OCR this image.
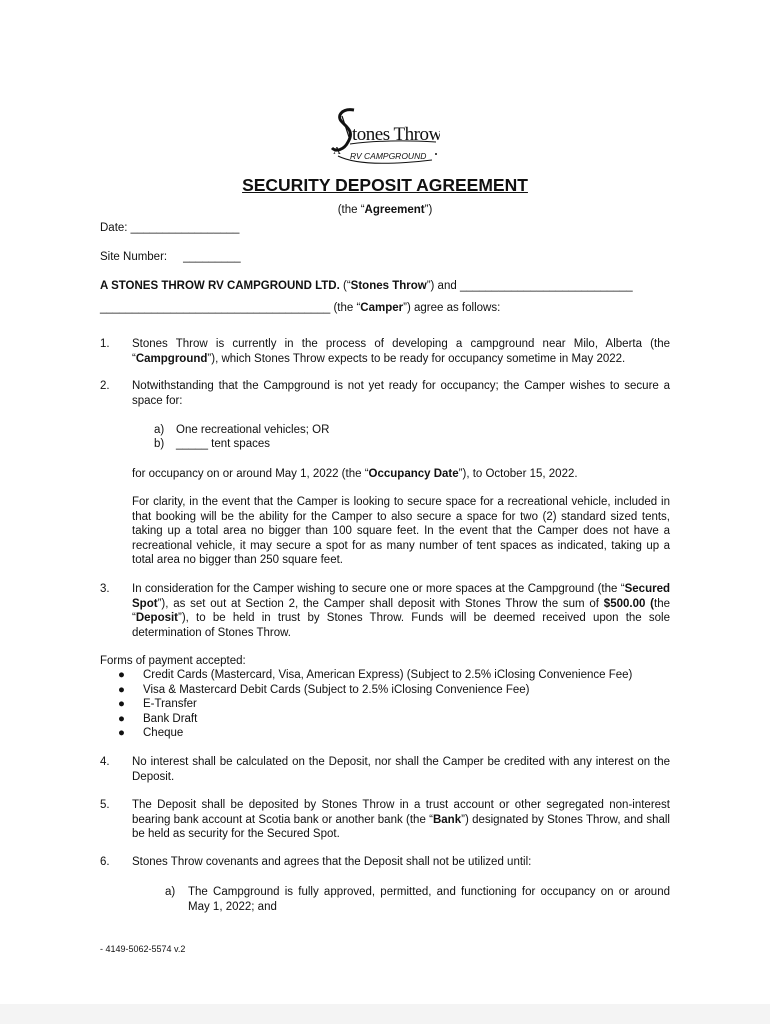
A
tones Throw
RV CAMPGROUND
SECURITY DEPOSIT AGREEMENT
(the “Agreement”)
Date: _________________
Site Number:     _________
A STONES THROW RV CAMPGROUND LTD. (“Stones Throw”) and ___________________________
____________________________________ (the “Camper”) agree as follows:
1. Stones Throw is currently in the process of developing a campground near Milo, Alberta (the “Campground”), which Stones Throw expects to be ready for occupancy sometime in May 2022.
2. Notwithstanding that the Campground is not yet ready for occupancy; the Camper wishes to secure a space for:
a) One recreational vehicles; OR
b) _____ tent spaces
for occupancy on or around May 1, 2022 (the “Occupancy Date”), to October 15, 2022.
For clarity, in the event that the Camper is looking to secure space for a recreational vehicle, included in that booking will be the ability for the Camper to also secure a space for two (2) standard sized tents, taking up a total area no bigger than 100 square feet. In the event that the Camper does not have a recreational vehicle, it may secure a spot for as many number of tent spaces as indicated, taking up a total area no bigger than 250 square feet.
3. In consideration for the Camper wishing to secure one or more spaces at the Campground (the “Secured Spot”), as set out at Section 2, the Camper shall deposit with Stones Throw the sum of $500.00 (the “Deposit”), to be held in trust by Stones Throw. Funds will be deemed received upon the sole determination of Stones Throw.
Forms of payment accepted:
● Credit Cards (Mastercard, Visa, American Express) (Subject to 2.5% iClosing Convenience Fee)
● Visa & Mastercard Debit Cards (Subject to 2.5% iClosing Convenience Fee)
● E-Transfer
● Bank Draft
● Cheque
4. No interest shall be calculated on the Deposit, nor shall the Camper be credited with any interest on the Deposit.
5. The Deposit shall be deposited by Stones Throw in a trust account or other segregated non-interest bearing bank account at Scotia bank or another bank (the “Bank”) designated by Stones Throw, and shall be held as security for the Secured Spot.
6. Stones Throw covenants and agrees that the Deposit shall not be utilized until:
a) The Campground is fully approved, permitted, and functioning for occupancy on or around May 1, 2022; and
- 4149-5062-5574 v.2
